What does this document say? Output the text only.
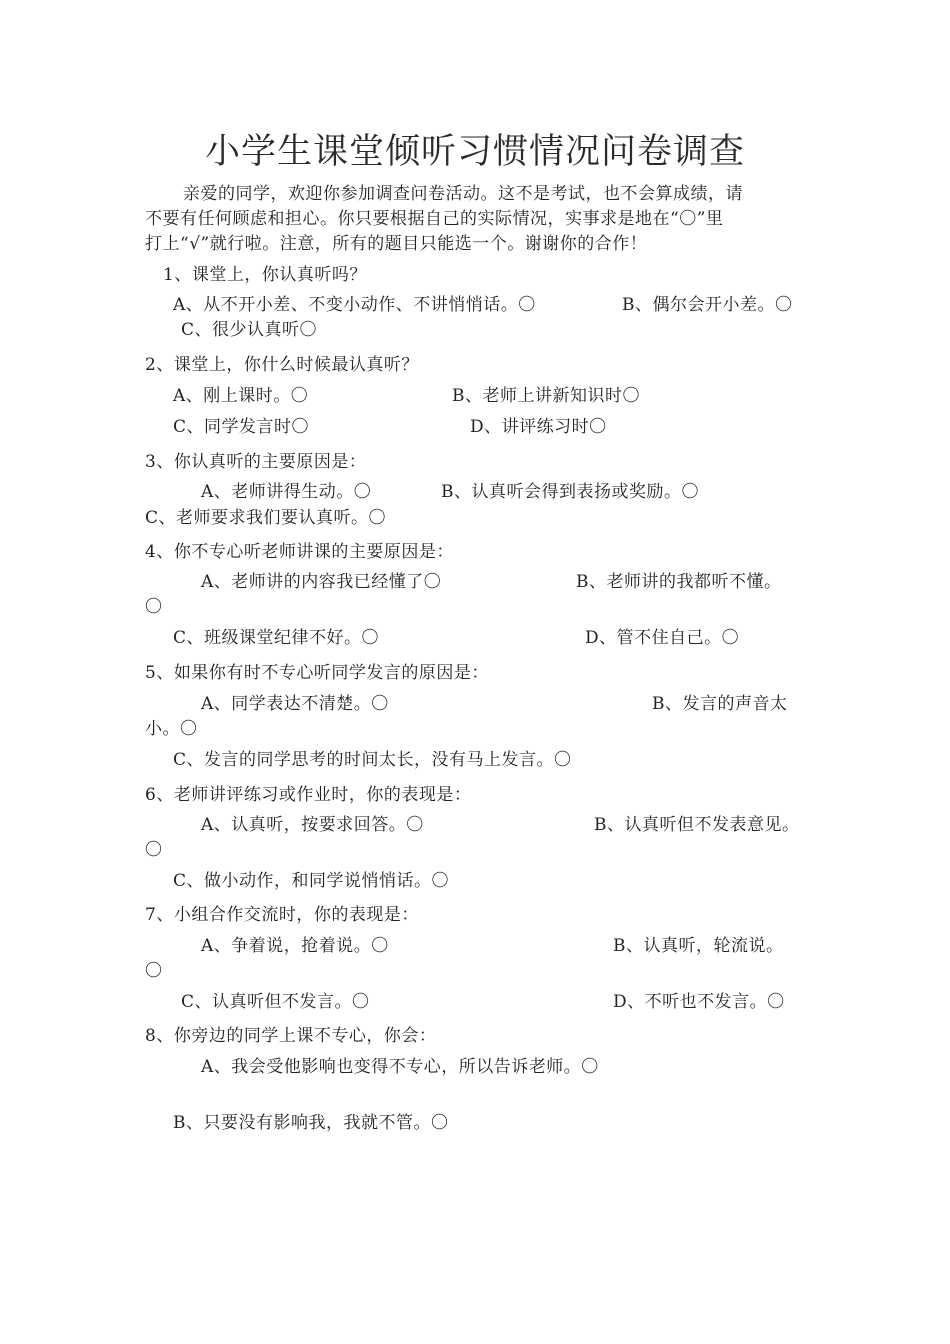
小学生课堂倾听习惯情况问卷调查
亲爱的同学，欢迎你参加调查问卷活动。这不是考试，也不会算成绩，请
不要有任何顾虑和担心。你只要根据自己的实际情况，实事求是地在“〇”里
打上“√”就行啦。注意，所有的题目只能选一个。谢谢你的合作！
1、课堂上，你认真听吗？
A、从不开小差、不变小动作、不讲悄悄话。〇	B、偶尔会开小差。〇
C、很少认真听〇
2、课堂上，你什么时候最认真听？
A、刚上课时。〇	B、老师上讲新知识时〇
C、同学发言时〇	D、讲评练习时〇
3、你认真听的主要原因是：
A、老师讲得生动。〇	B、认真听会得到表扬或奖励。〇
C、老师要求我们要认真听。〇
4、你不专心听老师讲课的主要原因是：
A、老师讲的内容我已经懂了〇	B、老师讲的我都听不懂。
〇
C、班级课堂纪律不好。〇	D、管不住自己。〇
5、如果你有时不专心听同学发言的原因是：
A、同学表达不清楚。〇	B、发言的声音太
小。〇
C、发言的同学思考的时间太长，没有马上发言。〇
6、老师讲评练习或作业时，你的表现是：
A、认真听，按要求回答。〇	B、认真听但不发表意见。
〇
C、做小动作，和同学说悄悄话。〇
7、小组合作交流时，你的表现是：
A、争着说，抢着说。〇	B、认真听，轮流说。
〇
C、认真听但不发言。〇	D、不听也不发言。〇
8、你旁边的同学上课不专心，你会：
A、我会受他影响也变得不专心，所以告诉老师。〇
B、只要没有影响我，我就不管。〇
